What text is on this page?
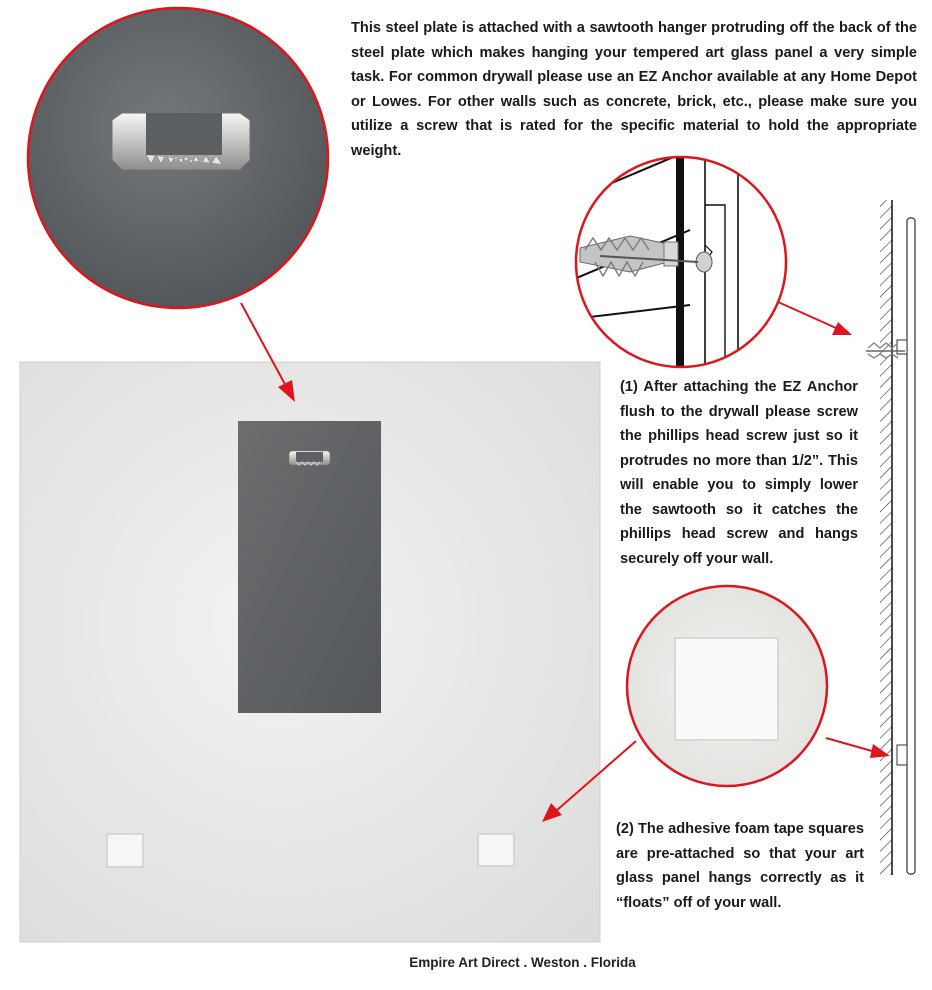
This steel plate is attached with a sawtooth hanger protruding off the back of the steel plate which makes hanging your tempered art glass panel a very simple task. For common drywall please use an EZ Anchor available at any Home Depot or Lowes. For other walls such as concrete, brick, etc., please make sure you utilize a screw that is rated for the specific material to hold the appropriate weight.

(1) After attaching the EZ Anchor flush to the drywall please screw the phillips head screw just so it protrudes no more than 1/2”. This will enable you to simply lower the sawtooth so it catches the phillips head screw and hangs securely off your wall.
(2) The adhesive foam tape squares are pre-attached so that your art glass panel hangs correctly as it “floats” off of your wall.
Empire Art Direct . Weston . Florida
